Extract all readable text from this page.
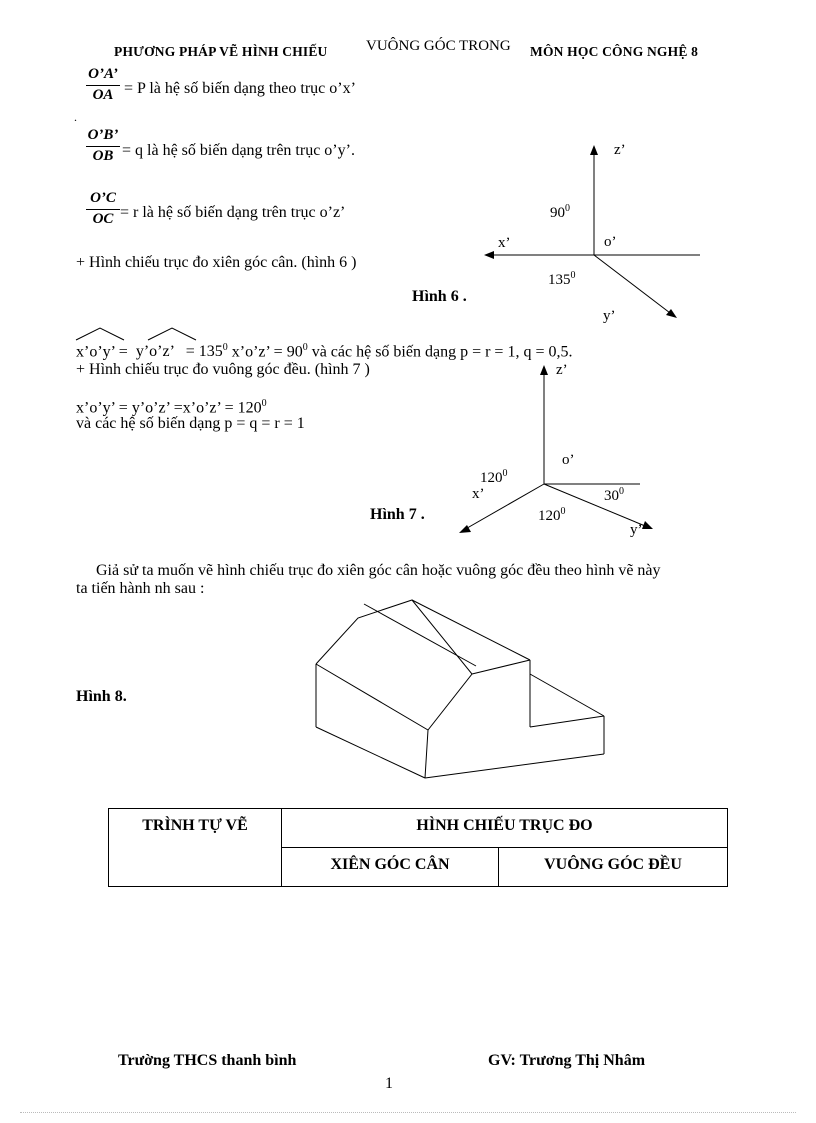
PHƯƠNG PHÁP VẼ HÌNH CHIẾU	VUÔNG GÓC TRONG MÔN HỌC CÔNG NGHỆ 8
$\frac{O’A’}{OA} = P$ là hệ số biến dạng theo trục o’x’
.
$\frac{O’B’}{OB} = q$ là hệ số biến dạng trên trục o’y’.
$\frac{O’C}{OC} = r$ là hệ số biến dạng trên trục o’z’
+ Hình chiếu trục đo xiên góc cân. (hình 6 )
z’
$90^0$
x’	o’
$135^0$
y’
Hình 6 .
x’o’y’ = y’o’z’ = $135^0$ x’o’z’ = $90^0$ và các hệ số biến dạng p = r = 1, q = 0,5.
+ Hình chiếu trục đo vuông góc đều. (hình 7 )
x’o’y’ = y’o’z’ =x’o’z’ = $120^0$
và các hệ số biến dạng p = q = r = 1
z’
o’
$120^0$
x’	$30^0$
$120^0$
y’
Hình 7 .
Giả sử ta muốn vẽ hình chiếu trục đo xiên góc cân hoặc vuông góc đều theo hình vẽ này
ta tiến hành nh sau :
Hình 8.
TRÌNH TỰ VẼ	HÌNH CHIẾU TRỤC ĐO	
	XIÊN GÓC CÂN	VUÔNG GÓC ĐỀU
Trường THCS thanh bình	GV: Trương Thị Nhâm
1
